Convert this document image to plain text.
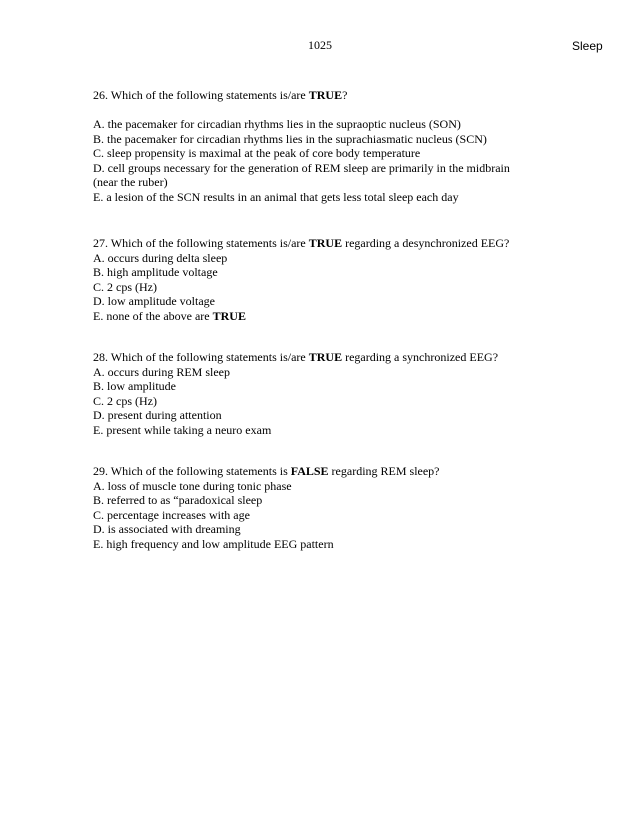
1025	Sleep

26. Which of the following statements is/are TRUE?

A. the pacemaker for circadian rhythms lies in the supraoptic nucleus (SON)

B. the pacemaker for circadian rhythms lies in the suprachiasmatic nucleus (SCN)

C. sleep propensity is maximal at the peak of core body temperature

D. cell groups necessary for the generation of REM sleep are primarily in the midbrain

(near the ruber)

E. a lesion of the SCN results in an animal that gets less total sleep each day

27. Which of the following statements is/are TRUE regarding a desynchronized EEG?

A. occurs during delta sleep

B. high amplitude voltage

C. 2 cps (Hz)

D. low amplitude voltage

E. none of the above are TRUE

28. Which of the following statements is/are TRUE regarding a synchronized EEG?

A. occurs during REM sleep

B. low amplitude

C. 2 cps (Hz)

D. present during attention

E. present while taking a neuro exam

29. Which of the following statements is FALSE regarding REM sleep?

A. loss of muscle tone during tonic phase

B. referred to as “paradoxical sleep

C. percentage increases with age

D. is associated with dreaming

E. high frequency and low amplitude EEG pattern
